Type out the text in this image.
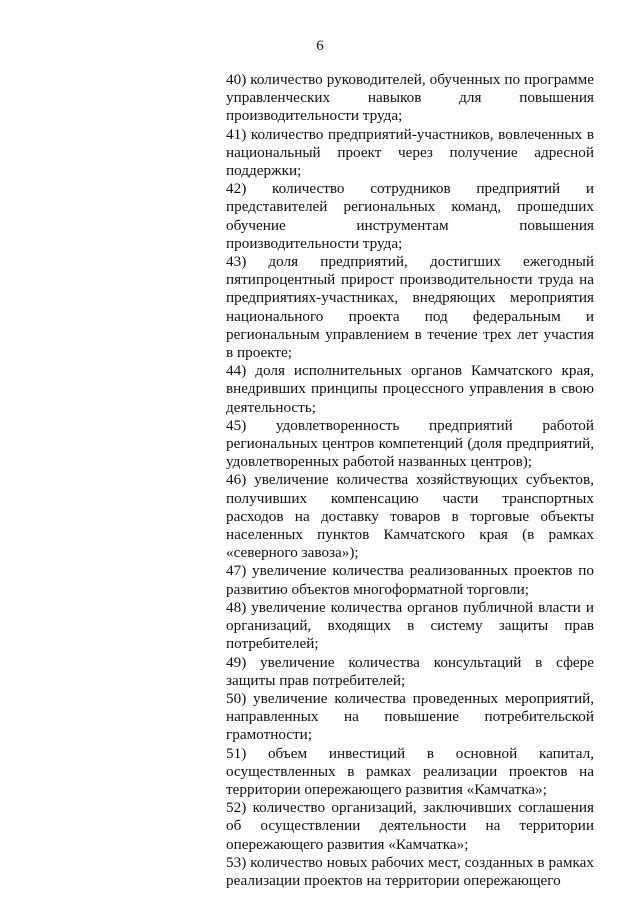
6

40) количество руководителей, обученных по программе управленческих навыков для повышения производительности труда;

41) количество предприятий-участников, вовлеченных в национальный проект через получение адресной поддержки;

42) количество сотрудников предприятий и представителей региональных команд, прошедших обучение инструментам повышения производительности труда;

43) доля предприятий, достигших ежегодный пятипроцентный прирост производительности труда на предприятиях-участниках, внедряющих мероприятия национального проекта под федеральным и региональным управлением в течение трех лет участия в проекте;

44) доля исполнительных органов Камчатского края, внедривших принципы процессного управления в свою деятельность;

45) удовлетворенность предприятий работой региональных центров компетенций (доля предприятий, удовлетворенных работой названных центров);

46) увеличение количества хозяйствующих субъектов, получивших компенсацию части транспортных расходов на доставку товаров в торговые объекты населенных пунктов Камчатского края (в рамках «северного завоза»);

47) увеличение количества реализованных проектов по развитию объектов многоформатной торговли;

48) увеличение количества органов публичной власти и организаций, входящих в систему защиты прав потребителей;

49) увеличение количества консультаций в сфере защиты прав потребителей;

50) увеличение количества проведенных мероприятий, направленных на повышение потребительской грамотности;

51) объем инвестиций в основной капитал, осуществленных в рамках реализации проектов на территории опережающего развития «Камчатка»;

52) количество организаций, заключивших соглашения об осуществлении деятельности на территории опережающего развития «Камчатка»;

53) количество новых рабочих мест, созданных в рамках реализации проектов на территории опережающего
